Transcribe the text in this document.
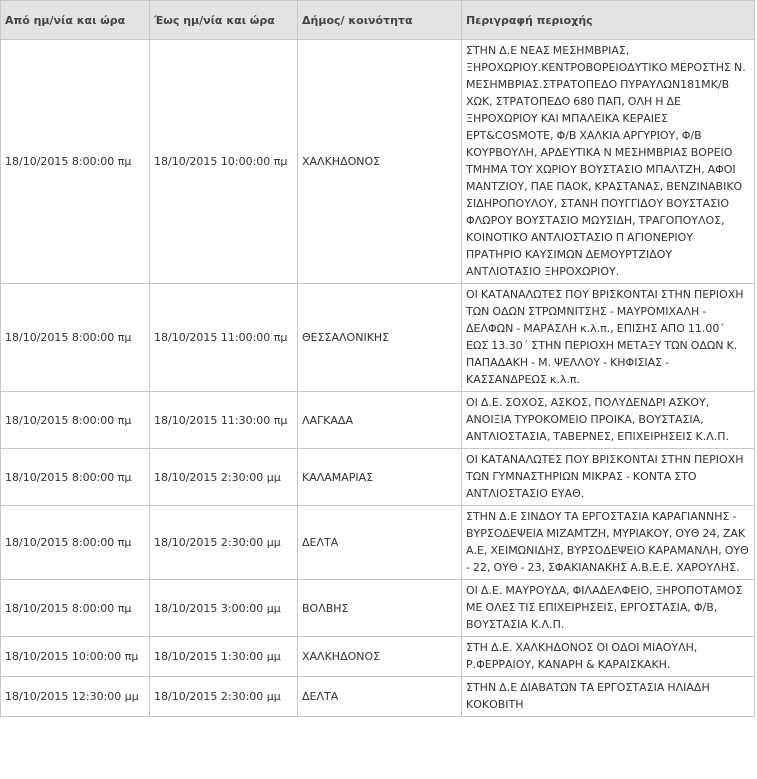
Από ημ/νία και ώρα	Έως ημ/νία και ώρα	Δήμος/ κοινότητα	Περιγραφή περιοχής
18/10/2015 8:00:00 πμ	18/10/2015 10:00:00 πμ	ΧΑΛΚΗΔΟΝΟΣ	ΣΤΗΝ Δ.Ε ΝΕΑΣ ΜΕΣΗΜΒΡΙΑΣ, ΞΗΡΟΧΩΡΙΟΥ.ΚΕΝΤΡΟΒΟΡΕΙΟΔΥΤΙΚΟ ΜΕΡΟΣΤΗΣ Ν. ΜΕΣΗΜΒΡΙΑΣ.ΣΤΡΑΤΟΠΕΔΟ ΠΥΡΑΥΛΩΝ181ΜΚ/Β ΧΩΚ, ΣΤΡΑΤΟΠΕΔΟ 680 ΠΑΠ, ΟΛΗ Η ΔΕ ΞΗΡΟΧΩΡΙΟΥ ΚΑΙ ΜΠΑΛΕΙΚΑ ΚΕΡΑΙΕΣ ΕΡΤ&COSMOTE, Φ/Β ΧΑΛΚΙΑ ΑΡΓΥΡΙΟΥ, Φ/Β ΚΟΥΡΒΟΥΛΗ, ΑΡΔΕΥΤΙΚΑ Ν ΜΕΣΗΜΒΡΙΑΣ ΒΟΡΕΙΟ ΤΜΗΜΑ ΤΟΥ ΧΩΡΙΟΥ ΒΟΥΣΤΑΣΙΟ ΜΠΑΛΤΖΗ, ΑΦΟΙ ΜΑΝΤΖΙΟΥ, ΠΑΕ ΠΑΟΚ, ΚΡΑΣΤΑΝΑΣ, ΒΕΝΖΙΝΑΒΙΚΟ ΣΙΔΗΡΟΠΟΥΛΟΥ, ΣΤΑΝΗ ΠΟΥΓΓΙΔΟΥ ΒΟΥΣΤΑΣΙΟ ΦΛΩΡΟΥ ΒΟΥΣΤΑΣΙΟ ΜΩΥΣΙΔΗ, ΤΡΑΓΟΠΟΥΛΟΣ, ΚΟΙΝΟΤΙΚΟ ΑΝΤΛΙΟΣΤΑΣΙΟ Π ΑΓΙΟΝΕΡΙΟΥ ΠΡΑΤΗΡΙΟ ΚΑΥΣΙΜΩΝ ΔΕΜΟΥΡΤΖΙΔΟΥ ΑΝΤΛΙΟΤΑΣΙΟ ΞΗΡΟΧΩΡΙΟΥ.
18/10/2015 8:00:00 πμ	18/10/2015 11:00:00 πμ	ΘΕΣΣΑΛΟΝΙΚΗΣ	ΟΙ ΚΑΤΑΝΑΛΩΤΕΣ ΠΟΥ ΒΡΙΣΚΟΝΤΑΙ ΣΤΗΝ ΠΕΡΙΟΧΗ ΤΩΝ ΟΔΩΝ ΣΤΡΩΜΝΙΤΣΗΣ - ΜΑΥΡΟΜΙΧΑΛΗ - ΔΕΛΦΩΝ - ΜΑΡΑΣΛΗ κ.λ.π., ΕΠΙΣΗΣ ΑΠΟ 11.00΄ ΕΩΣ 13.30΄ ΣΤΗΝ ΠΕΡΙΟΧΗ ΜΕΤΑΞΥ ΤΩΝ ΟΔΩΝ Κ. ΠΑΠΑΔΑΚΗ - Μ. ΨΕΛΛΟΥ - ΚΗΦΙΣΙΑΣ - ΚΑΣΣΑΝΔΡΕΩΣ κ.λ.π.
18/10/2015 8:00:00 πμ	18/10/2015 11:30:00 πμ	ΛΑΓΚΑΔΑ	ΟΙ Δ.Ε. ΣΟΧΟΣ, ΑΣΚΟΣ, ΠΟΛΥΔΕΝΔΡΙ ΑΣΚΟΥ, ΑΝΟΙΞΙΑ ΤΥΡΟΚΟΜΕΙΟ ΠΡΟΙΚΑ, ΒΟΥΣΤΑΣΙΑ, ΑΝΤΛΙΟΣΤΑΣΙΑ, ΤΑΒΕΡΝΕΣ, ΕΠΙΧΕΙΡΗΣΕΙΣ Κ.Λ.Π.
18/10/2015 8:00:00 πμ	18/10/2015 2:30:00 μμ	ΚΑΛΑΜΑΡΙΑΣ	ΟΙ ΚΑΤΑΝΑΛΩΤΕΣ ΠΟΥ ΒΡΙΣΚΟΝΤΑΙ ΣΤΗΝ ΠΕΡΙΟΧΗ ΤΩΝ ΓΥΜΝΑΣΤΗΡΙΩΝ ΜΙΚΡΑΣ - ΚΟΝΤΑ ΣΤΟ ΑΝΤΛΙΟΣΤΑΣΙΟ ΕΥΑΘ.
18/10/2015 8:00:00 πμ	18/10/2015 2:30:00 μμ	ΔΕΛΤΑ	ΣΤΗΝ Δ.Ε ΣΙΝΔΟΥ ΤΑ ΕΡΓΟΣΤΑΣΙΑ ΚΑΡΑΓΙΑΝΝΗΣ - ΒΥΡΣΟΔΕΨΕΙΑ ΜΙΖΑΜΤΖΗ, ΜΥΡΙΑΚΟΥ, ΟΥΘ 24, ΖΑΚ Α.Ε, ΧΕΙΜΩΝΙΔΗΣ, ΒΥΡΣΟΔΕΨΕΙΟ ΚΑΡΑΜΑΝΛΗ, ΟΥΘ - 22, ΟΥΘ - 23, ΣΦΑΚΙΑΝΑΚΗΣ Α.Β.Ε.Ε. ΧΑΡΟΥΛΗΣ.
18/10/2015 8:00:00 πμ	18/10/2015 3:00:00 μμ	ΒΟΛΒΗΣ	ΟΙ Δ.Ε. ΜΑΥΡΟΥΔΑ, ΦΙΛΑΔΕΛΦΕΙΟ, ΞΗΡΟΠΟΤΑΜΟΣ ΜΕ ΟΛΕΣ ΤΙΣ ΕΠΙΧΕΙΡΗΣΕΙΣ, ΕΡΓΟΣΤΑΣΙΑ, Φ/Β, ΒΟΥΣΤΑΣΙΑ Κ.Λ.Π.
18/10/2015 10:00:00 πμ	18/10/2015 1:30:00 μμ	ΧΑΛΚΗΔΟΝΟΣ	ΣΤΗ Δ.Ε. ΧΑΛΚΗΔΟΝΟΣ ΟΙ ΟΔΟΙ ΜΙΑΟΥΛΗ, Ρ.ΦΕΡΡΑΙΟΥ, ΚΑΝΑΡΗ & ΚΑΡΑΙΣΚΑΚΗ.
18/10/2015 12:30:00 μμ	18/10/2015 2:30:00 μμ	ΔΕΛΤΑ	ΣΤΗΝ Δ.Ε ΔΙΑΒΑΤΩΝ ΤΑ ΕΡΓΟΣΤΑΣΙΑ ΗΛΙΑΔΗ ΚΟΚΟΒΙΤΗ
